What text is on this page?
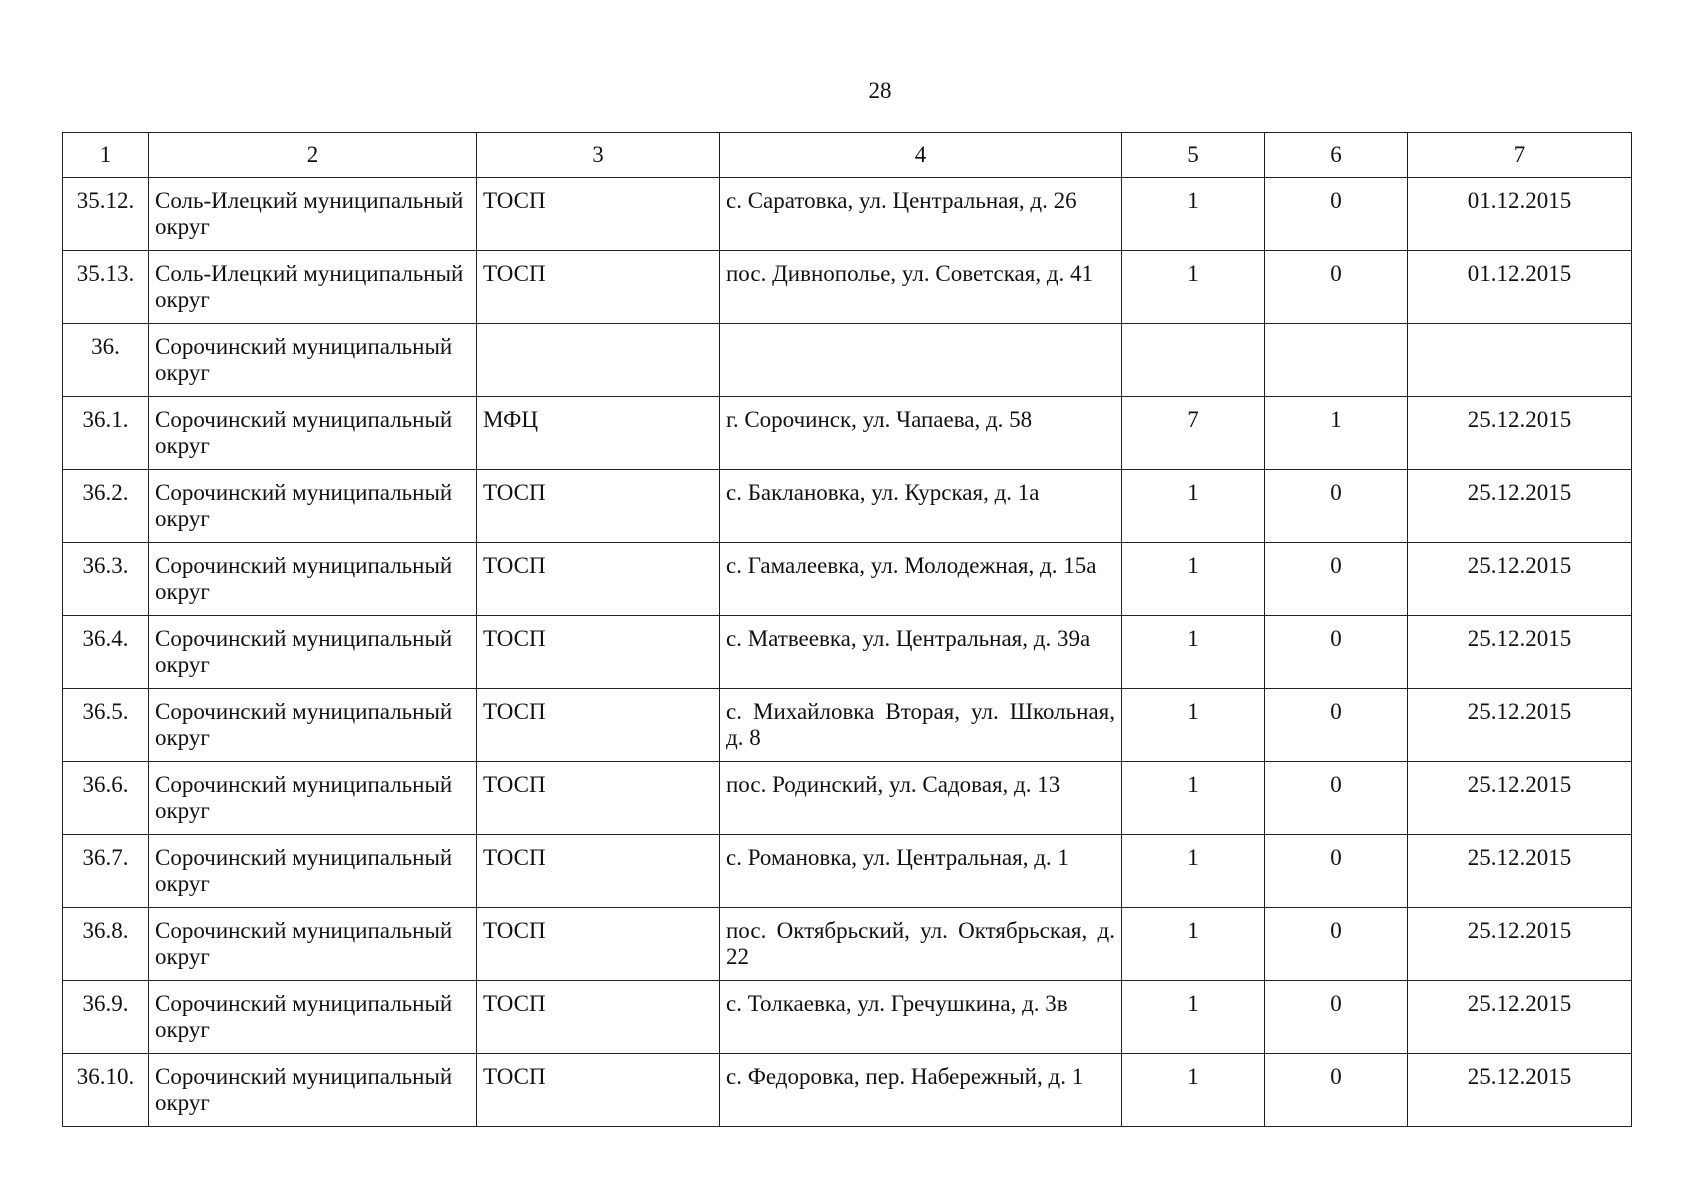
28
1	2	3	4	5	6	7
35.12.	Соль-Илецкий муниципальный округ	ТОСП	с. Саратовка, ул. Центральная, д. 26	1	0	01.12.2015
35.13.	Соль-Илецкий муниципальный округ	ТОСП	пос. Дивнополье, ул. Советская, д. 41	1	0	01.12.2015
36.	Сорочинский муниципальный округ					
36.1.	Сорочинский муниципальный округ	МФЦ	г. Сорочинск, ул. Чапаева, д. 58	7	1	25.12.2015
36.2.	Сорочинский муниципальный округ	ТОСП	с. Баклановка, ул. Курская, д. 1а	1	0	25.12.2015
36.3.	Сорочинский муниципальный округ	ТОСП	с. Гамалеевка, ул. Молодежная, д. 15а	1	0	25.12.2015
36.4.	Сорочинский муниципальный округ	ТОСП	с. Матвеевка, ул. Центральная, д. 39а	1	0	25.12.2015
36.5.	Сорочинский муниципальный округ	ТОСП	с. Михайловка Вторая, ул. Школьная, д. 8	1	0	25.12.2015
36.6.	Сорочинский муниципальный округ	ТОСП	пос. Родинский, ул. Садовая, д. 13	1	0	25.12.2015
36.7.	Сорочинский муниципальный округ	ТОСП	с. Романовка, ул. Центральная, д. 1	1	0	25.12.2015
36.8.	Сорочинский муниципальный округ	ТОСП	пос. Октябрьский, ул. Октябрьская, д. 22	1	0	25.12.2015
36.9.	Сорочинский муниципальный округ	ТОСП	с. Толкаевка, ул. Гречушкина, д. 3в	1	0	25.12.2015
36.10.	Сорочинский муниципальный округ	ТОСП	с. Федоровка, пер. Набережный, д. 1	1	0	25.12.2015
